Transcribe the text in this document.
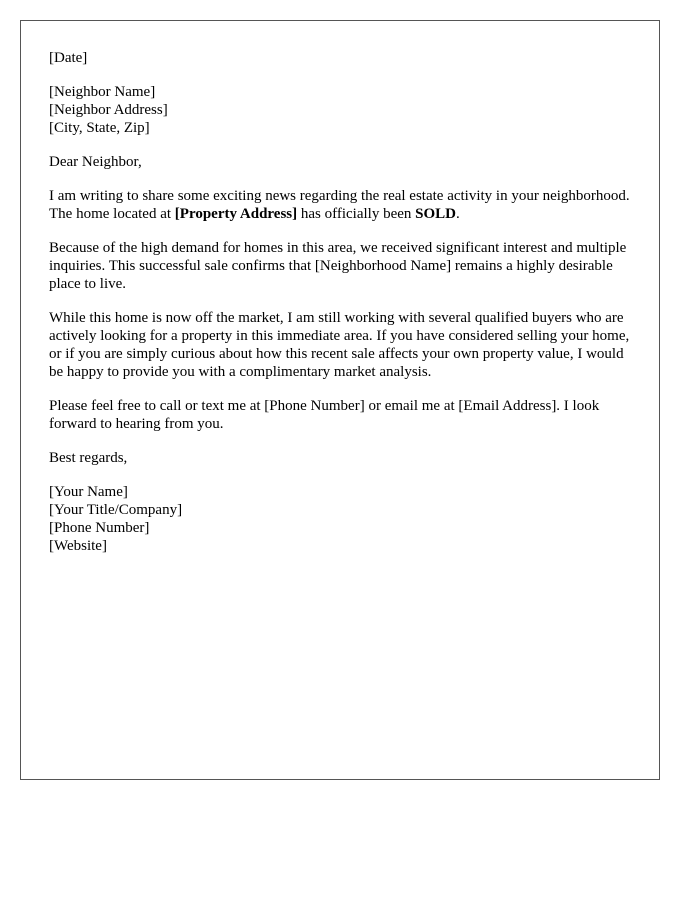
[Date]
[Neighbor Name]
[Neighbor Address]
[City, State, Zip]
Dear Neighbor,

I am writing to share some exciting news regarding the real estate activity in your neighborhood. The home located at [Property Address] has officially been SOLD.

Because of the high demand for homes in this area, we received significant interest and multiple inquiries. This successful sale confirms that [Neighborhood Name] remains a highly desirable place to live.

While this home is now off the market, I am still working with several qualified buyers who are actively looking for a property in this immediate area. If you have considered selling your home, or if you are simply curious about how this recent sale affects your own property value, I would be happy to provide you with a complimentary market analysis.

Please feel free to call or text me at [Phone Number] or email me at [Email Address]. I look forward to hearing from you.

Best regards,
[Your Name]
[Your Title/Company]
[Phone Number]
[Website]
